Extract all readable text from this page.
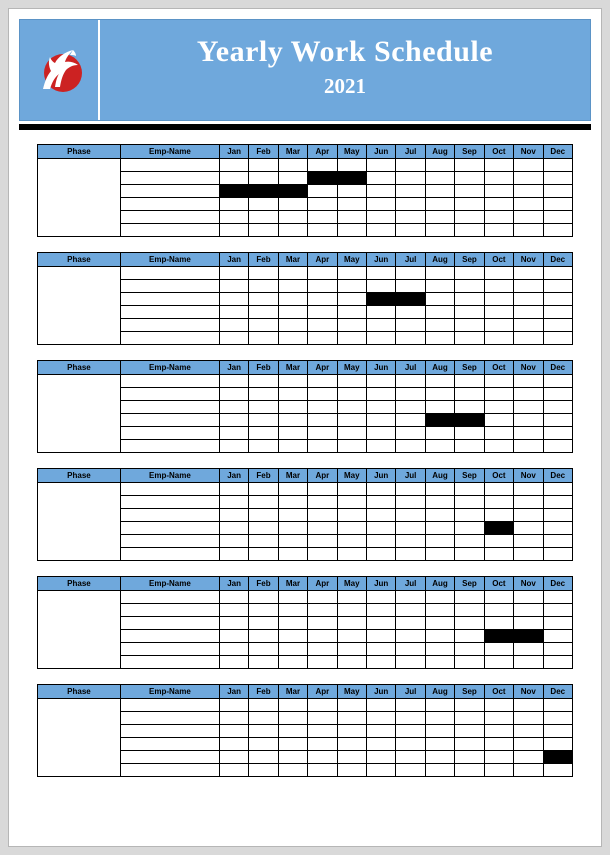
Yearly Work Schedule
2021
Phase	Emp-Name	Jan	Feb	Mar	Apr	May	Jun	Jul	Aug	Sep	Oct	Nov	Dec

Phase	Emp-Name	Jan	Feb	Mar	Apr	May	Jun	Jul	Aug	Sep	Oct	Nov	Dec

Phase	Emp-Name	Jan	Feb	Mar	Apr	May	Jun	Jul	Aug	Sep	Oct	Nov	Dec

Phase	Emp-Name	Jan	Feb	Mar	Apr	May	Jun	Jul	Aug	Sep	Oct	Nov	Dec

Phase	Emp-Name	Jan	Feb	Mar	Apr	May	Jun	Jul	Aug	Sep	Oct	Nov	Dec

Phase	Emp-Name	Jan	Feb	Mar	Apr	May	Jun	Jul	Aug	Sep	Oct	Nov	Dec
